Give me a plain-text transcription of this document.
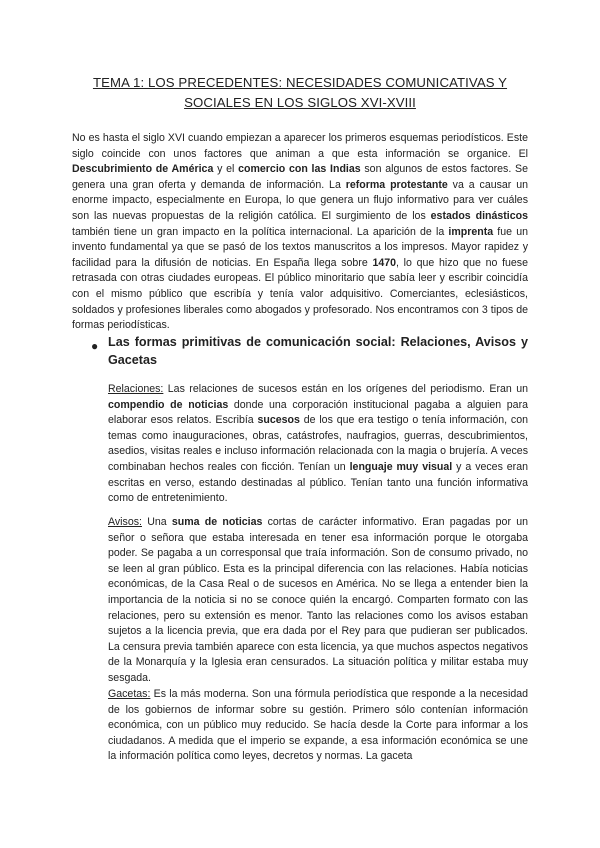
TEMA 1: LOS PRECEDENTES: NECESIDADES COMUNICATIVAS Y
SOCIALES EN LOS SIGLOS XVI-XVIII

No es hasta el siglo XVI cuando empiezan a aparecer los primeros esquemas periodísticos. Este siglo coincide con unos factores que animan a que esta información se organice. El Descubrimiento de América y el comercio con las Indias son algunos de estos factores. Se genera una gran oferta y demanda de información. La reforma protestante va a causar un enorme impacto, especialmente en Europa, lo que genera un flujo informativo para ver cuáles son las nuevas propuestas de la religión católica. El surgimiento de los estados dinásticos también tiene un gran impacto en la política internacional. La aparición de la imprenta fue un invento fundamental ya que se pasó de los textos manuscritos a los impresos. Mayor rapidez y facilidad para la difusión de noticias. En España llega sobre 1470, lo que hizo que no fuese retrasada con otras ciudades europeas. El público minoritario que sabía leer y escribir coincidía con el mismo público que escribía y tenía valor adquisitivo. Comerciantes, eclesiásticos, soldados y profesiones liberales como abogados y profesorado. Nos encontramos con 3 tipos de formas periodísticas.

● Las formas primitivas de comunicación social: Relaciones, Avisos y Gacetas

Relaciones: Las relaciones de sucesos están en los orígenes del periodismo. Eran un compendio de noticias donde una corporación institucional pagaba a alguien para elaborar esos relatos. Escribía sucesos de los que era testigo o tenía información, con temas como inauguraciones, obras, catástrofes, naufragios, guerras, descubrimientos, asedios, visitas reales e incluso información relacionada con la magia o brujería. A veces combinaban hechos reales con ficción. Tenían un lenguaje muy visual y a veces eran escritas en verso, estando destinadas al público. Tenían tanto una función informativa como de entretenimiento.

Avisos: Una suma de noticias cortas de carácter informativo. Eran pagadas por un señor o señora que estaba interesada en tener esa información porque le otorgaba poder. Se pagaba a un corresponsal que traía información. Son de consumo privado, no se leen al gran público. Esta es la principal diferencia con las relaciones. Había noticias económicas, de la Casa Real o de sucesos en América. No se llega a entender bien la importancia de la noticia si no se conoce quién la encargó. Comparten formato con las relaciones, pero su extensión es menor. Tanto las relaciones como los avisos estaban sujetos a la licencia previa, que era dada por el Rey para que pudieran ser publicados. La censura previa también aparece con esta licencia, ya que muchos aspectos negativos de la Monarquía y la Iglesia eran censurados. La situación política y militar estaba muy sesgada.

Gacetas: Es la más moderna. Son una fórmula periodística que responde a la necesidad de los gobiernos de informar sobre su gestión. Primero sólo contenían información económica, con un público muy reducido. Se hacía desde la Corte para informar a los ciudadanos. A medida que el imperio se expande, a esa información económica se une la información política como leyes, decretos y normas. La gaceta
